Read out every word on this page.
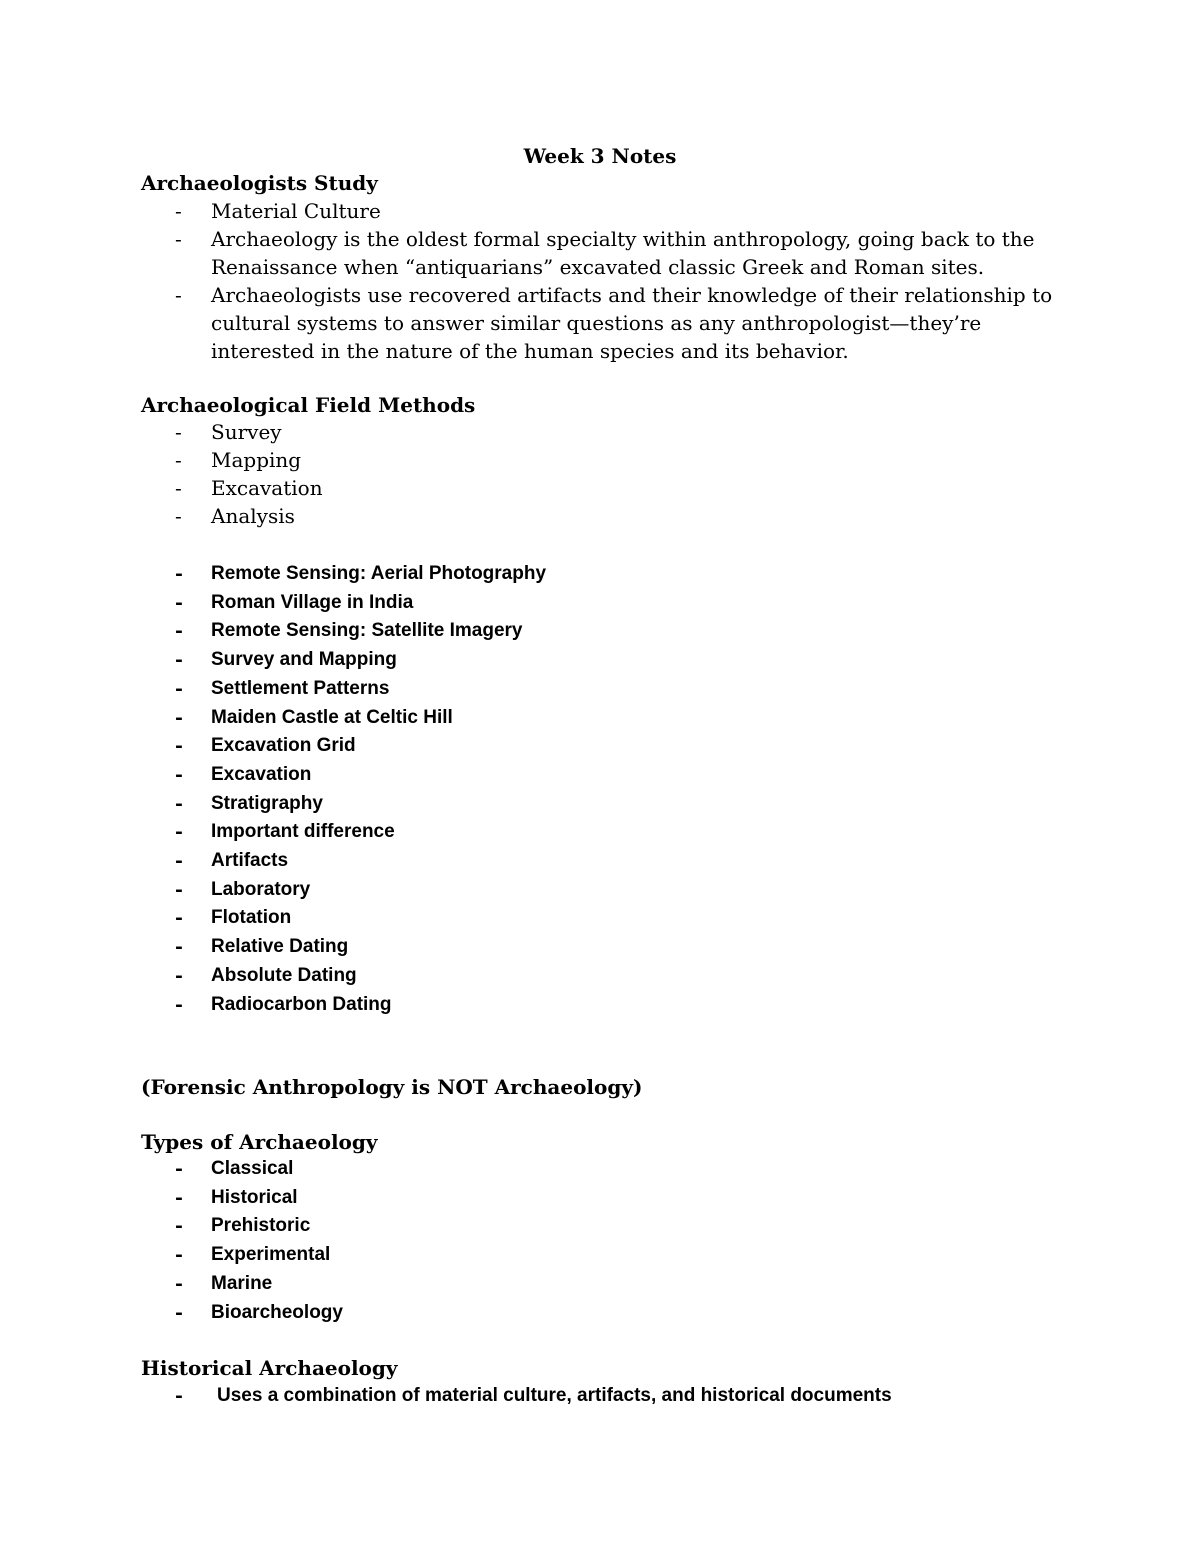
Week 3 Notes
Archaeologists Study
- Material Culture
- Archaeology is the oldest formal specialty within anthropology, going back to the Renaissance when “antiquarians” excavated classic Greek and Roman sites.
- Archaeologists use recovered artifacts and their knowledge of their relationship to cultural systems to answer similar questions as any anthropologist—they’re interested in the nature of the human species and its behavior.
Archaeological Field Methods
- Survey
- Mapping
- Excavation
- Analysis
- Remote Sensing: Aerial Photography
- Roman Village in India
- Remote Sensing: Satellite Imagery
- Survey and Mapping
- Settlement Patterns
- Maiden Castle at Celtic Hill
- Excavation Grid
- Excavation
- Stratigraphy
- Important difference
- Artifacts
- Laboratory
- Flotation
- Relative Dating
- Absolute Dating
- Radiocarbon Dating
(Forensic Anthropology is NOT Archaeology)
Types of Archaeology
- Classical
- Historical
- Prehistoric
- Experimental
- Marine
- Bioarcheology
Historical Archaeology
- Uses a combination of material culture, artifacts, and historical documents
